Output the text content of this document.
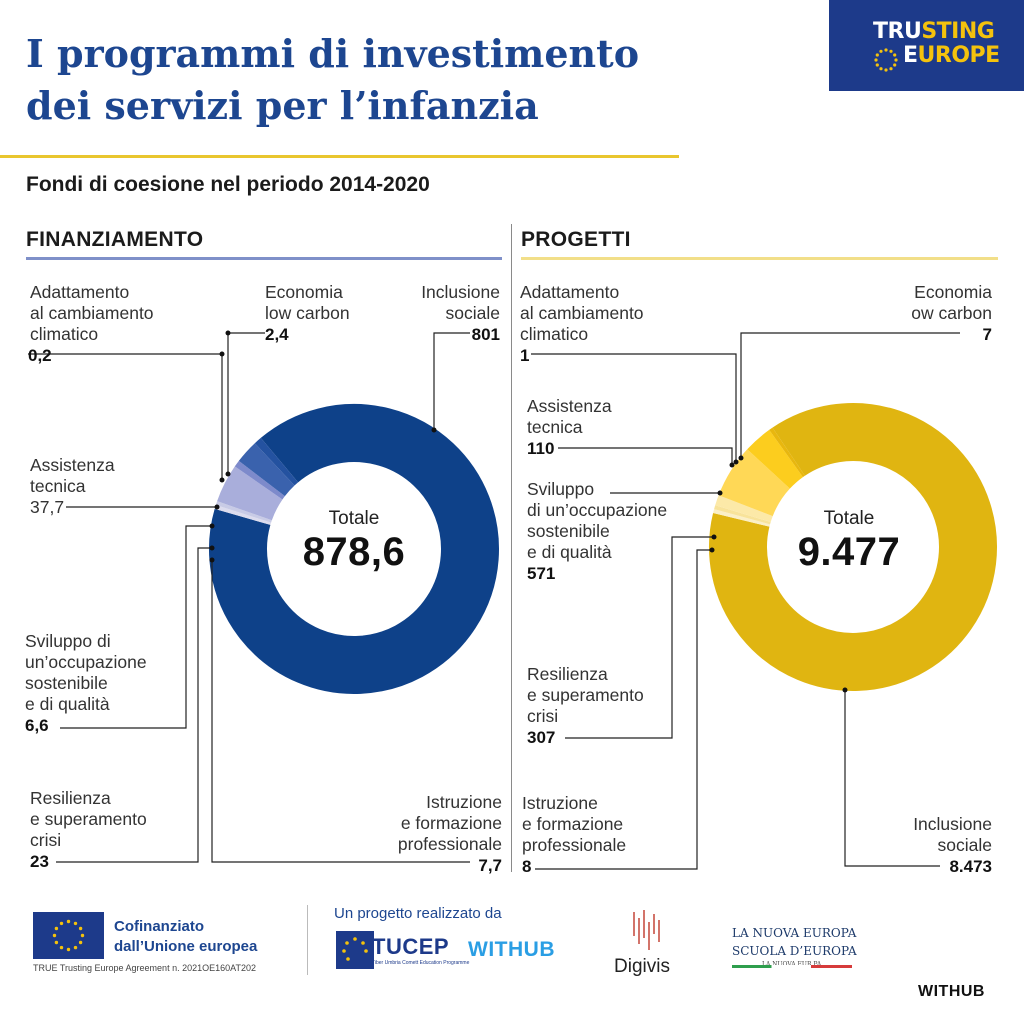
I programmi di investimento
dei servizi per l’infanzia
Fondi di coesione nel periodo 2014-2020
TRUSTING
EUROPE
FINANZIAMENTO	PROGETTI
Adattamento
al cambiamento
climatico
0,2
Economia
low carbon
2,4
Inclusione
sociale
801
Assistenza
tecnica
37,7
Sviluppo di
un’occupazione
sostenibile
e di qualità
6,6
Resilienza
e superamento
crisi
23
Istruzione
e formazione
professionale
7,7
Totale
878,6
Adattamento
al cambiamento
climatico
1
Economia
ow carbon
7
Assistenza
tecnica
110
Sviluppo
di un’occupazione
sostenibile
e di qualità
571
Resilienza
e superamento
crisi
307
Istruzione
e formazione
professionale
8
Inclusione
sociale
8.473
Totale
9.477
Cofinanziato
dall’Unione europea
TRUE Trusting Europe Agreement n. 2021OE160AT202
Un progetto realizzato da
TUCEP
Tiber Umbria Comett Education Programme
WITHUB
Digivis
LA NUOVA EUROPA
SCUOLA D’EUROPA
WITHUB
